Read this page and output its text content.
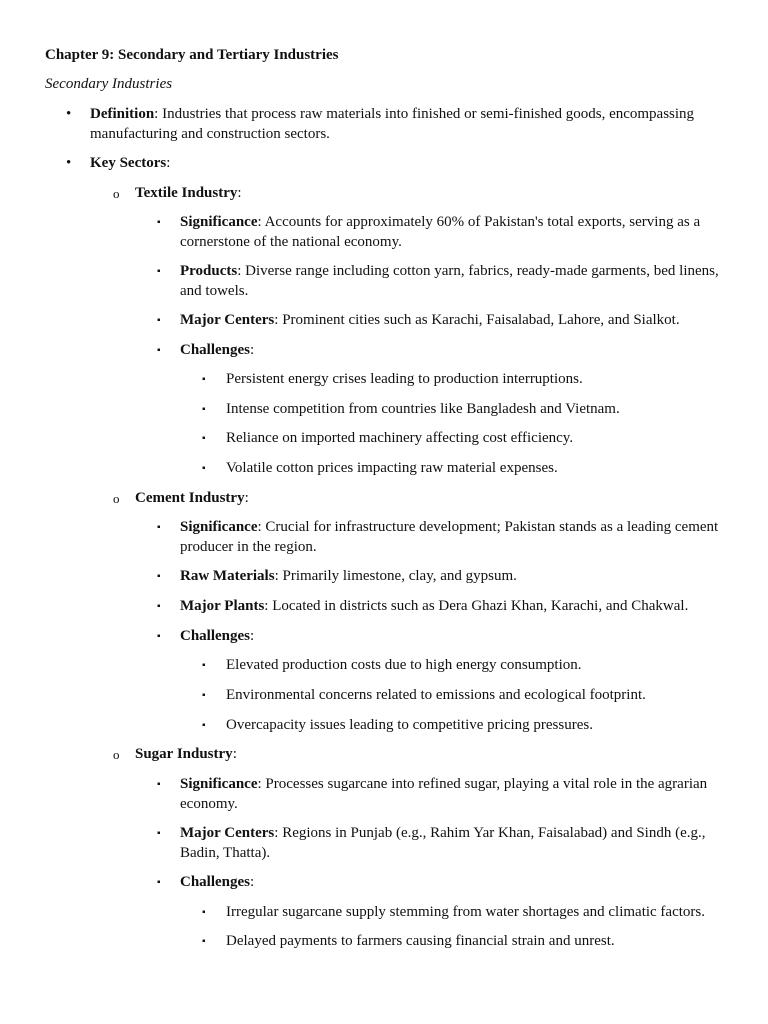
Chapter 9: Secondary and Tertiary Industries
Secondary Industries
• Definition: Industries that process raw materials into finished or semi-finished goods, encompassing manufacturing and construction sectors.
• Key Sectors:
o Textile Industry:
▪ Significance: Accounts for approximately 60% of Pakistan's total exports, serving as a cornerstone of the national economy.
▪ Products: Diverse range including cotton yarn, fabrics, ready-made garments, bed linens, and towels.
▪ Major Centers: Prominent cities such as Karachi, Faisalabad, Lahore, and Sialkot.
▪ Challenges:
▪ Persistent energy crises leading to production interruptions.
▪ Intense competition from countries like Bangladesh and Vietnam.
▪ Reliance on imported machinery affecting cost efficiency.
▪ Volatile cotton prices impacting raw material expenses.
o Cement Industry:
▪ Significance: Crucial for infrastructure development; Pakistan stands as a leading cement producer in the region.
▪ Raw Materials: Primarily limestone, clay, and gypsum.
▪ Major Plants: Located in districts such as Dera Ghazi Khan, Karachi, and Chakwal.
▪ Challenges:
▪ Elevated production costs due to high energy consumption.
▪ Environmental concerns related to emissions and ecological footprint.
▪ Overcapacity issues leading to competitive pricing pressures.
o Sugar Industry:
▪ Significance: Processes sugarcane into refined sugar, playing a vital role in the agrarian economy.
▪ Major Centers: Regions in Punjab (e.g., Rahim Yar Khan, Faisalabad) and Sindh (e.g., Badin, Thatta).
▪ Challenges:
▪ Irregular sugarcane supply stemming from water shortages and climatic factors.
▪ Delayed payments to farmers causing financial strain and unrest.
